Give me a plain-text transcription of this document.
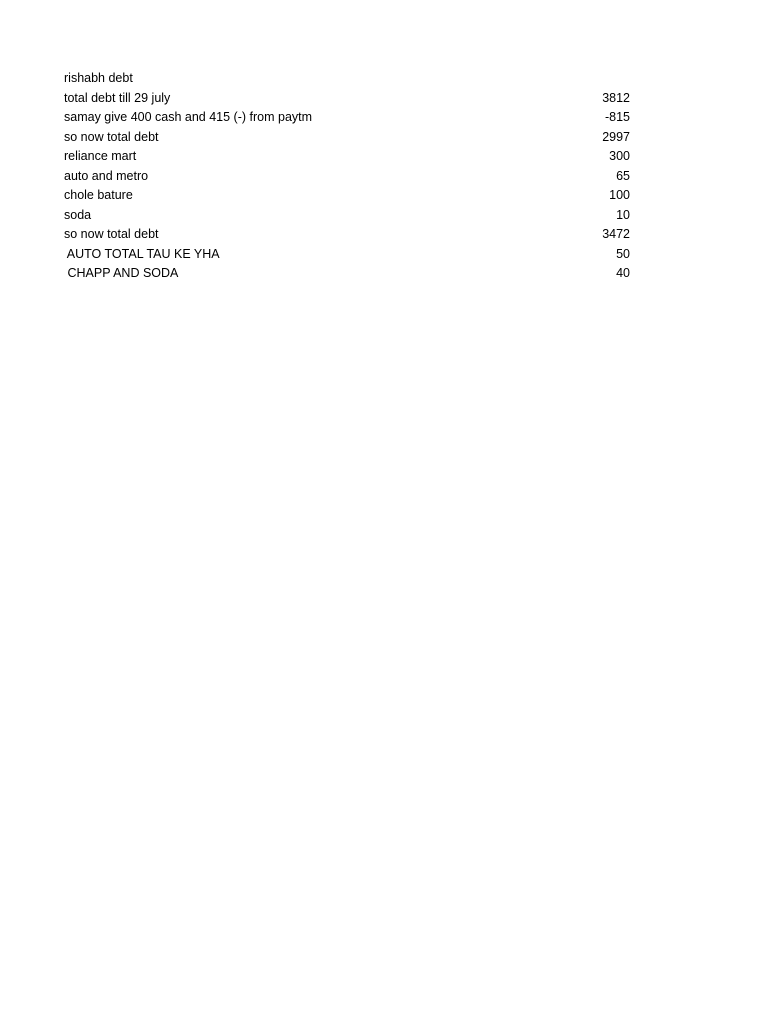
rishabh debt
total debt till 29 july	3812
samay give 400 cash and 415 (-) from paytm	-815
so now total debt	2997
reliance mart	300
auto and metro	65
chole bature	100
soda	10
so now total debt	3472
AUTO TOTAL TAU KE YHA	50
CHAPP AND SODA	40
